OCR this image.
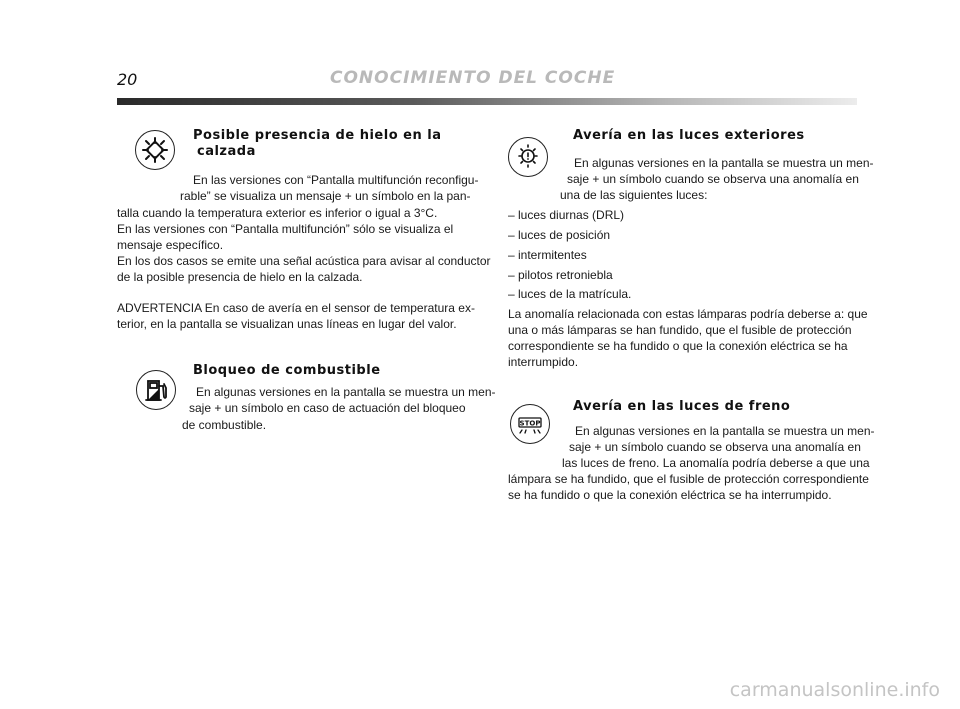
20	CONOCIMIENTO DEL COCHE
Posible presencia de hielo en la
calzada
En las versiones con “Pantalla multifunción reconfigu-
rable” se visualiza un mensaje + un símbolo en la pan-
talla cuando la temperatura exterior es inferior o igual a 3°C.
En las versiones con “Pantalla multifunción” sólo se visualiza el
mensaje específico.
En los dos casos se emite una señal acústica para avisar al conductor
de la posible presencia de hielo en la calzada.
ADVERTENCIA En caso de avería en el sensor de temperatura ex-
terior, en la pantalla se visualizan unas líneas en lugar del valor.
Bloqueo de combustible
En algunas versiones en la pantalla se muestra un men-
saje + un símbolo en caso de actuación del bloqueo
de combustible.
Avería en las luces exteriores
En algunas versiones en la pantalla se muestra un men-
saje + un símbolo cuando se observa una anomalía en
una de las siguientes luces:
– luces diurnas (DRL)
– luces de posición
– intermitentes
– pilotos retroniebla
– luces de la matrícula.
La anomalía relacionada con estas lámparas podría deberse a: que
una o más lámparas se han fundido, que el fusible de protección
correspondiente se ha fundido o que la conexión eléctrica se ha
interrumpido.
STOP
Avería en las luces de freno
En algunas versiones en la pantalla se muestra un men-
saje + un símbolo cuando se observa una anomalía en
las luces de freno. La anomalía podría deberse a que una
lámpara se ha fundido, que el fusible de protección correspondiente
se ha fundido o que la conexión eléctrica se ha interrumpido.
carmanualsonline.info
